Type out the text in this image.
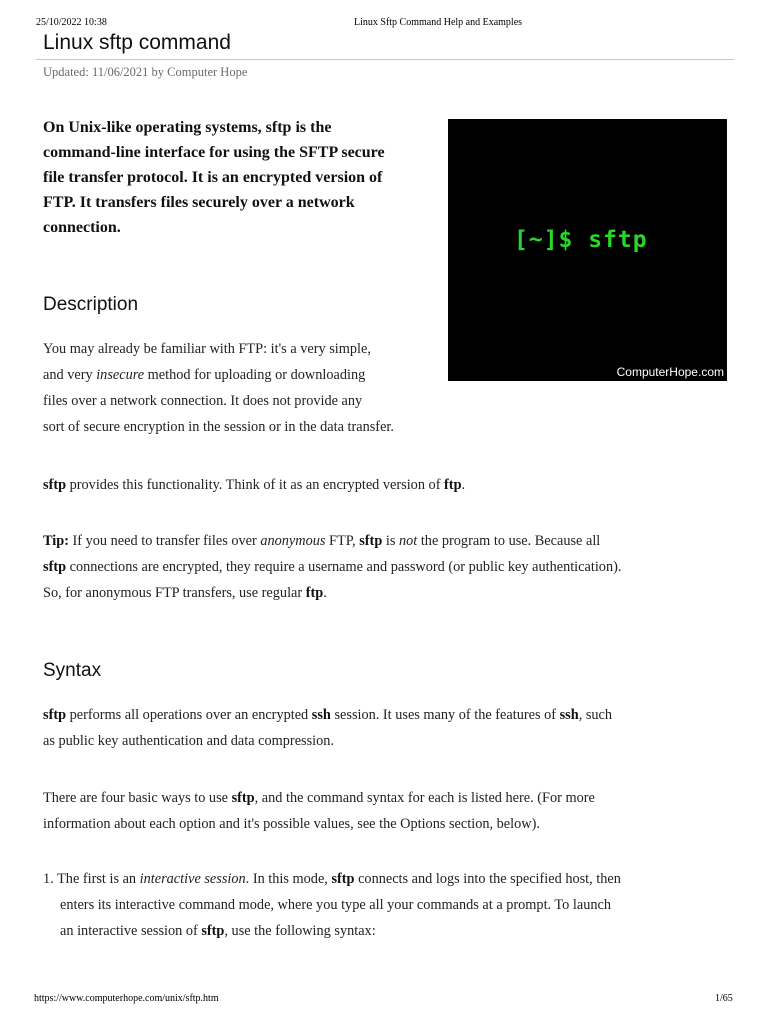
25/10/2022 10:38	Linux Sftp Command Help and Examples
Linux sftp command
Updated: 11/06/2021 by Computer Hope
On Unix-like operating systems, sftp is the
command-line interface for using the SFTP secure
file transfer protocol. It is an encrypted version of
FTP. It transfers files securely over a network
connection.	[~]$ sftp
ComputerHope.com
Description
You may already be familiar with FTP: it's a very simple,
and very insecure method for uploading or downloading
files over a network connection. It does not provide any
sort of secure encryption in the session or in the data transfer.
sftp provides this functionality. Think of it as an encrypted version of ftp.
Tip: If you need to transfer files over anonymous FTP, sftp is not the program to use. Because all
sftp connections are encrypted, they require a username and password (or public key authentication).
So, for anonymous FTP transfers, use regular ftp.
Syntax
sftp performs all operations over an encrypted ssh session. It uses many of the features of ssh, such
as public key authentication and data compression.
There are four basic ways to use sftp, and the command syntax for each is listed here. (For more
information about each option and it's possible values, see the Options section, below).
1. The first is an interactive session. In this mode, sftp connects and logs into the specified host, then
enters its interactive command mode, where you type all your commands at a prompt. To launch
an interactive session of sftp, use the following syntax:
https://www.computerhope.com/unix/sftp.htm	1/65
